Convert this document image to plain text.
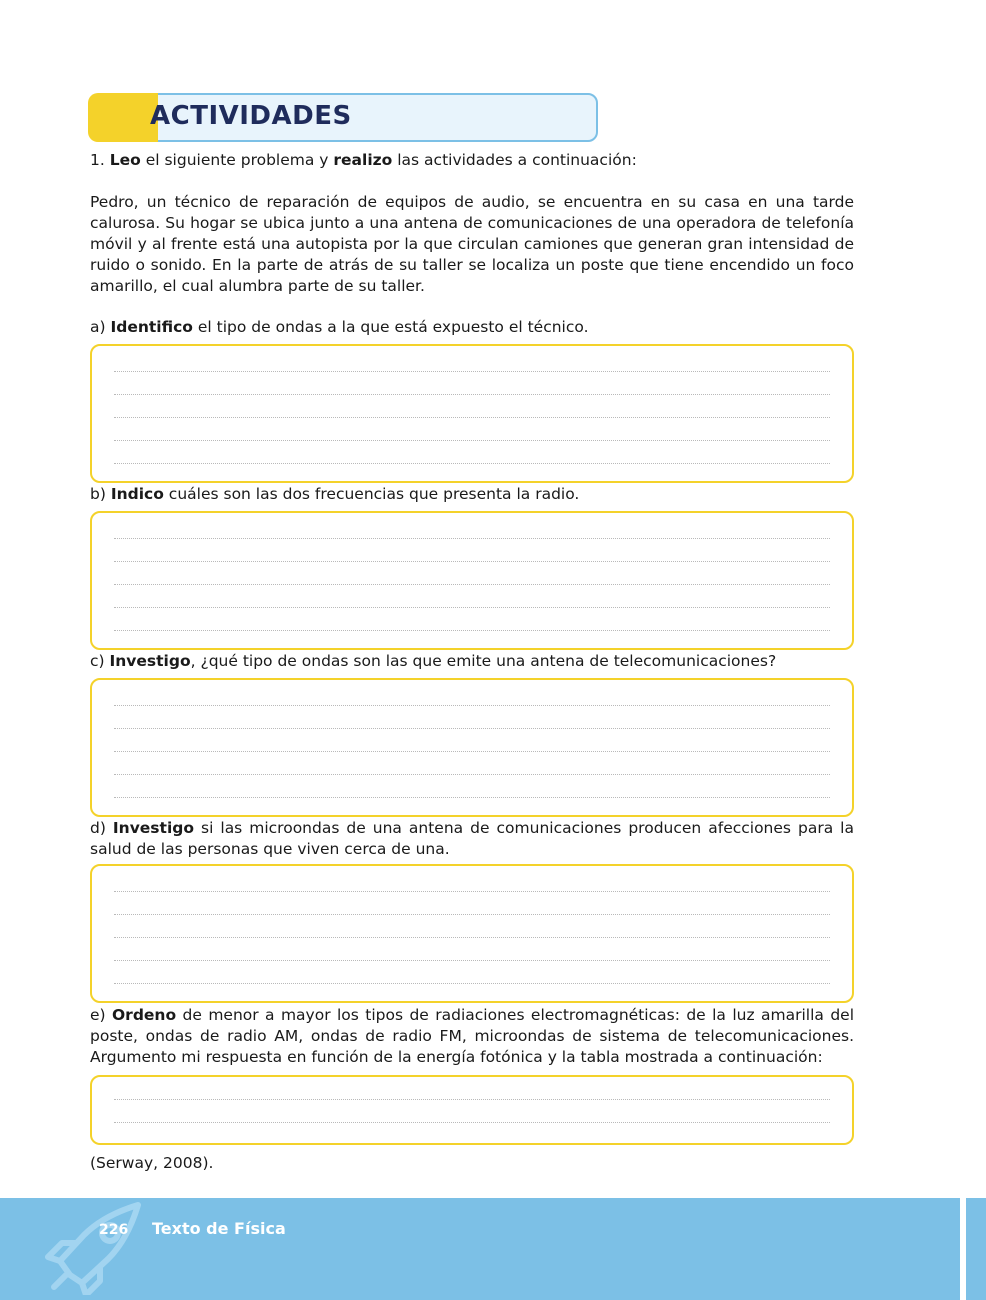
ACTIVIDADES
1. Leo el siguiente problema y realizo las actividades a continuación:
Pedro, un técnico de reparación de equipos de audio, se encuentra en su casa en una tarde calurosa. Su hogar se ubica junto a una antena de comunicaciones de una operadora de telefonía móvil y al frente está una autopista por la que circulan camiones que generan gran intensidad de ruido o sonido. En la parte de atrás de su taller se localiza un poste que tiene encendido un foco amarillo, el cual alumbra parte de su taller.
a) Identifico el tipo de ondas a la que está expuesto el técnico.
b) Indico cuáles son las dos frecuencias que presenta la radio.
c) Investigo, ¿qué tipo de ondas son las que emite una antena de telecomunicaciones?
d) Investigo si las microondas de una antena de comunicaciones producen afecciones para la salud de las personas que viven cerca de una.
e) Ordeno de menor a mayor los tipos de radiaciones electromagnéticas: de la luz amarilla del poste, ondas de radio AM, ondas de radio FM, microondas de sistema de telecomunicaciones. Argumento mi respuesta en función de la energía fotónica y la tabla mostrada a continuación:
(Serway, 2008).
226 Texto de Física
